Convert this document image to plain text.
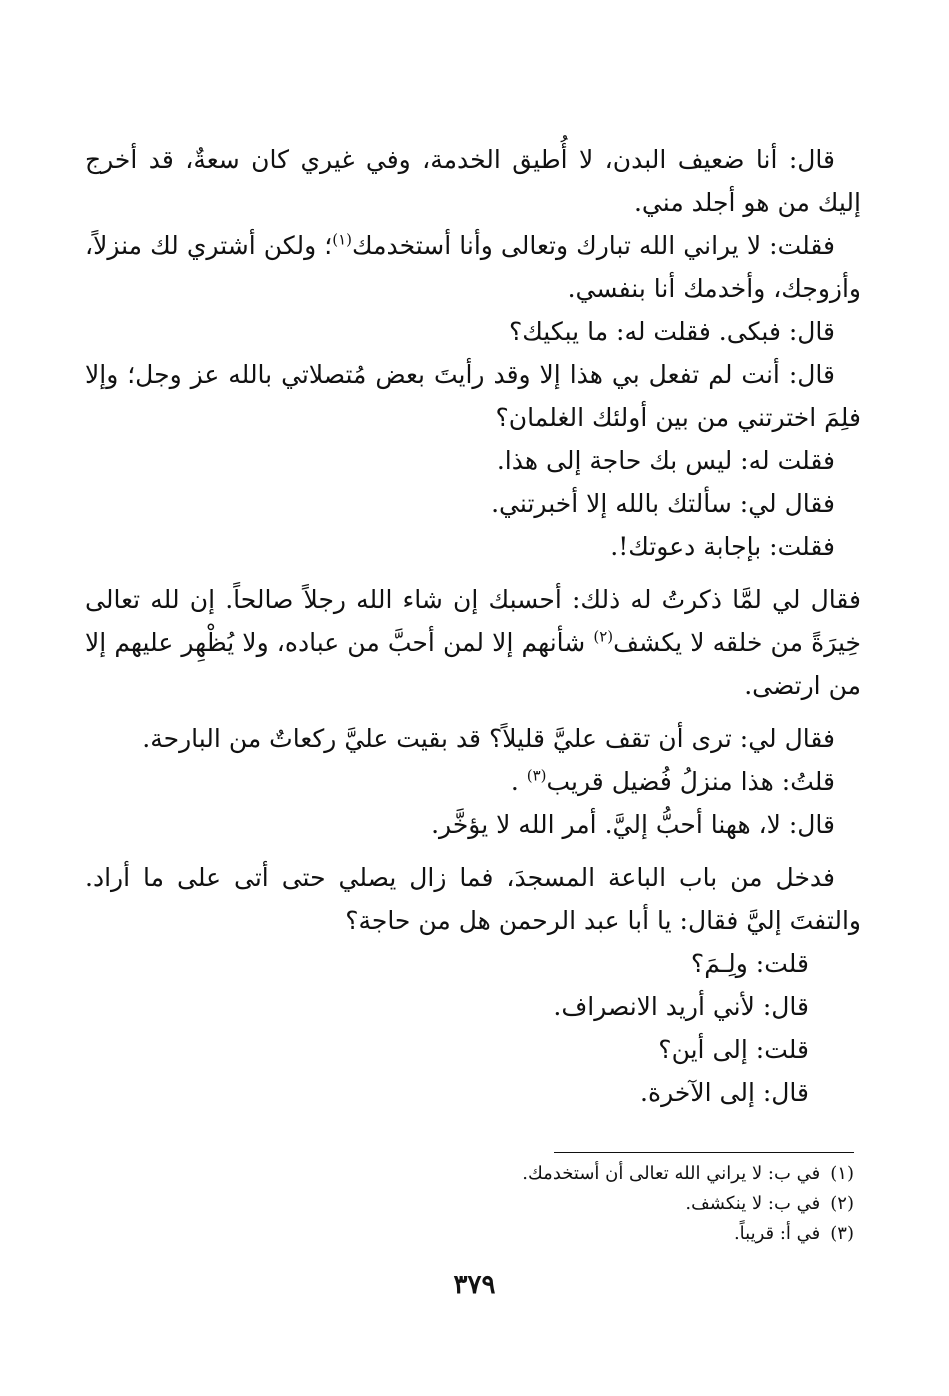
قال: أنا ضعيف البدن، لا أُطيق الخدمة، وفي غيري كان سعةٌ، قد أخرج إليك من هو أجلد مني.

فقلت: لا يراني الله تبارك وتعالى وأنا أستخدمك$^{(١)}$؛ ولكن أشتري لك منزلاً، وأزوجك، وأخدمك أنا بنفسي.

قال: فبكى. فقلت له: ما يبكيك؟

قال: أنت لم تفعل بي هذا إلا وقد رأيتَ بعض مُتصلاتي بالله عز وجل؛ وإلا فلِمَ اخترتني من بين أولئك الغلمان؟

فقلت له: ليس بك حاجة إلى هذا.

فقال لي: سألتك بالله إلا أخبرتني.

فقلت: بإجابة دعوتك!.

فقال لي لمَّا ذكرتُ له ذلك: أحسبك إن شاء الله رجلاً صالحاً. إن لله تعالى خِيرَةً من خلقه لا يكشف$^{(٢)}$ شأنهم إلا لمن أحبَّ من عباده، ولا يُظْهِر عليهم إلا من ارتضى.

فقال لي: ترى أن تقف عليَّ قليلاً؟ قد بقيت عليَّ ركعاتٌ من البارحة.

قلتُ: هذا منزلُ فُضيل قريب$^{(٣)}$ .

قال: لا، ههنا أحبُّ إليَّ. أمر الله لا يؤخَّر.

فدخل من باب الباعة المسجدَ، فما زال يصلي حتى أتى على ما أراد. والتفتَ إليَّ فقال: يا أبا عبد الرحمن هل من حاجة؟

قلت: ولِـمَ؟

قال: لأني أريد الانصراف.

قلت: إلى أين؟

قال: إلى الآخرة.

(١)في ب: لا يراني الله تعالى أن أستخدمك.

(٢)في ب: لا ينكشف.

(٣)في أ: قريباً.

٣٧٩
